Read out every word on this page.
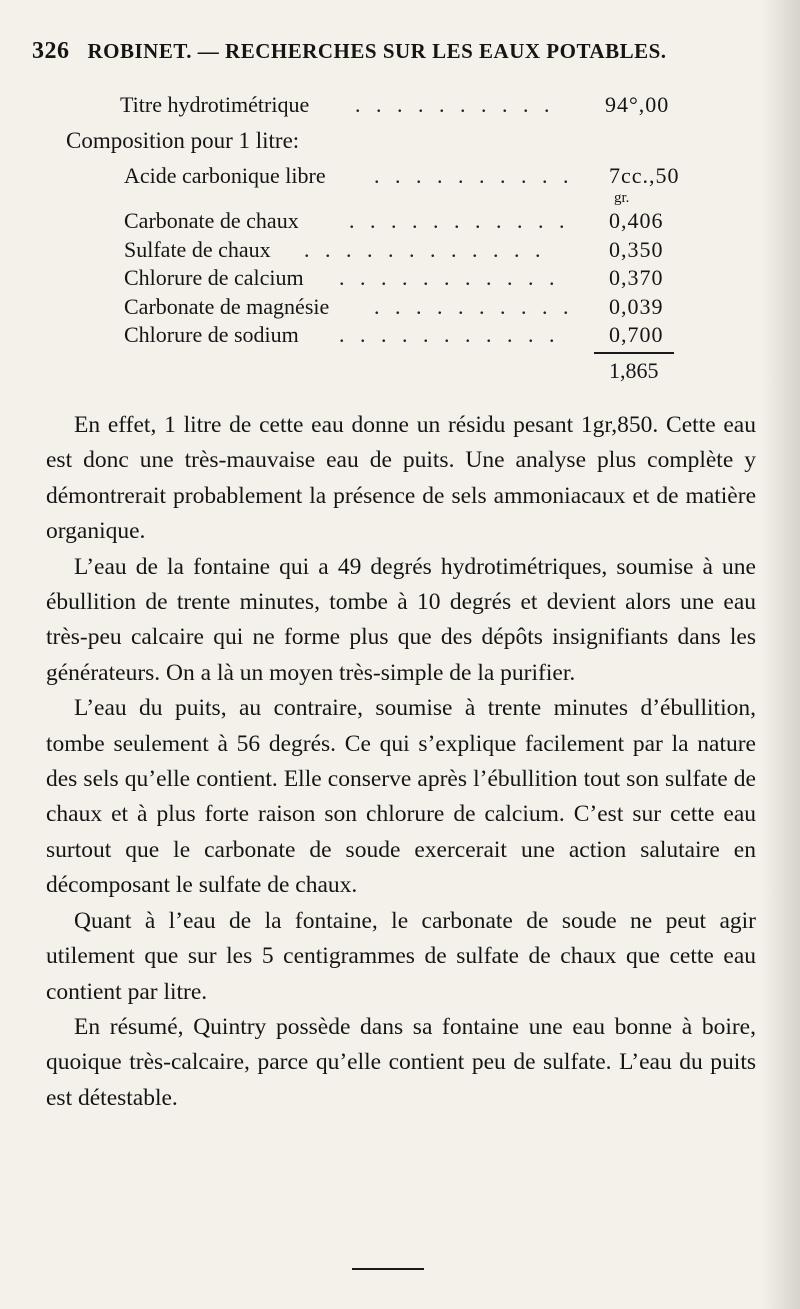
326 ROBINET. — RECHERCHES SUR LES EAUX POTABLES.
Titre hydrotimétrique . . . . . . . . . . 94°,00
Composition pour 1 litre:
Acide carbonique libre . . . . . . . . . . 7cc.,50
gr.
Carbonate de chaux . . . . . . . . . . . 0,406
Sulfate de chaux . . . . . . . . . . . .	0,350
Chlorure de calcium . . . . . . . . . . . 0,370
Carbonate de magnésie . . . . . . . . . . 0,039
Chlorure de sodium . . . . . . . . . . . 0,700
1,865

En effet, 1 litre de cette eau donne un résidu pesant 1gr,850. Cette eau est donc une très-mauvaise eau de puits. Une analyse plus complète y démontrerait probablement la présence de sels ammoniacaux et de matière organique.

L’eau de la fontaine qui a 49 degrés hydrotimétriques, soumise à une ébullition de trente minutes, tombe à 10 degrés et devient alors une eau très-peu calcaire qui ne forme plus que des dépôts insignifiants dans les générateurs. On a là un moyen très-simple de la purifier.

L’eau du puits, au contraire, soumise à trente minutes d’ébullition, tombe seulement à 56 degrés. Ce qui s’explique facilement par la nature des sels qu’elle contient. Elle conserve après l’ébullition tout son sulfate de chaux et à plus forte raison son chlorure de calcium. C’est sur cette eau surtout que le carbonate de soude exercerait une action salutaire en décomposant le sulfate de chaux.

Quant à l’eau de la fontaine, le carbonate de soude ne peut agir utilement que sur les 5 centigrammes de sulfate de chaux que cette eau contient par litre.

En résumé, Quintry possède dans sa fontaine une eau bonne à boire, quoique très-calcaire, parce qu’elle contient peu de sulfate. L’eau du puits est détestable.
